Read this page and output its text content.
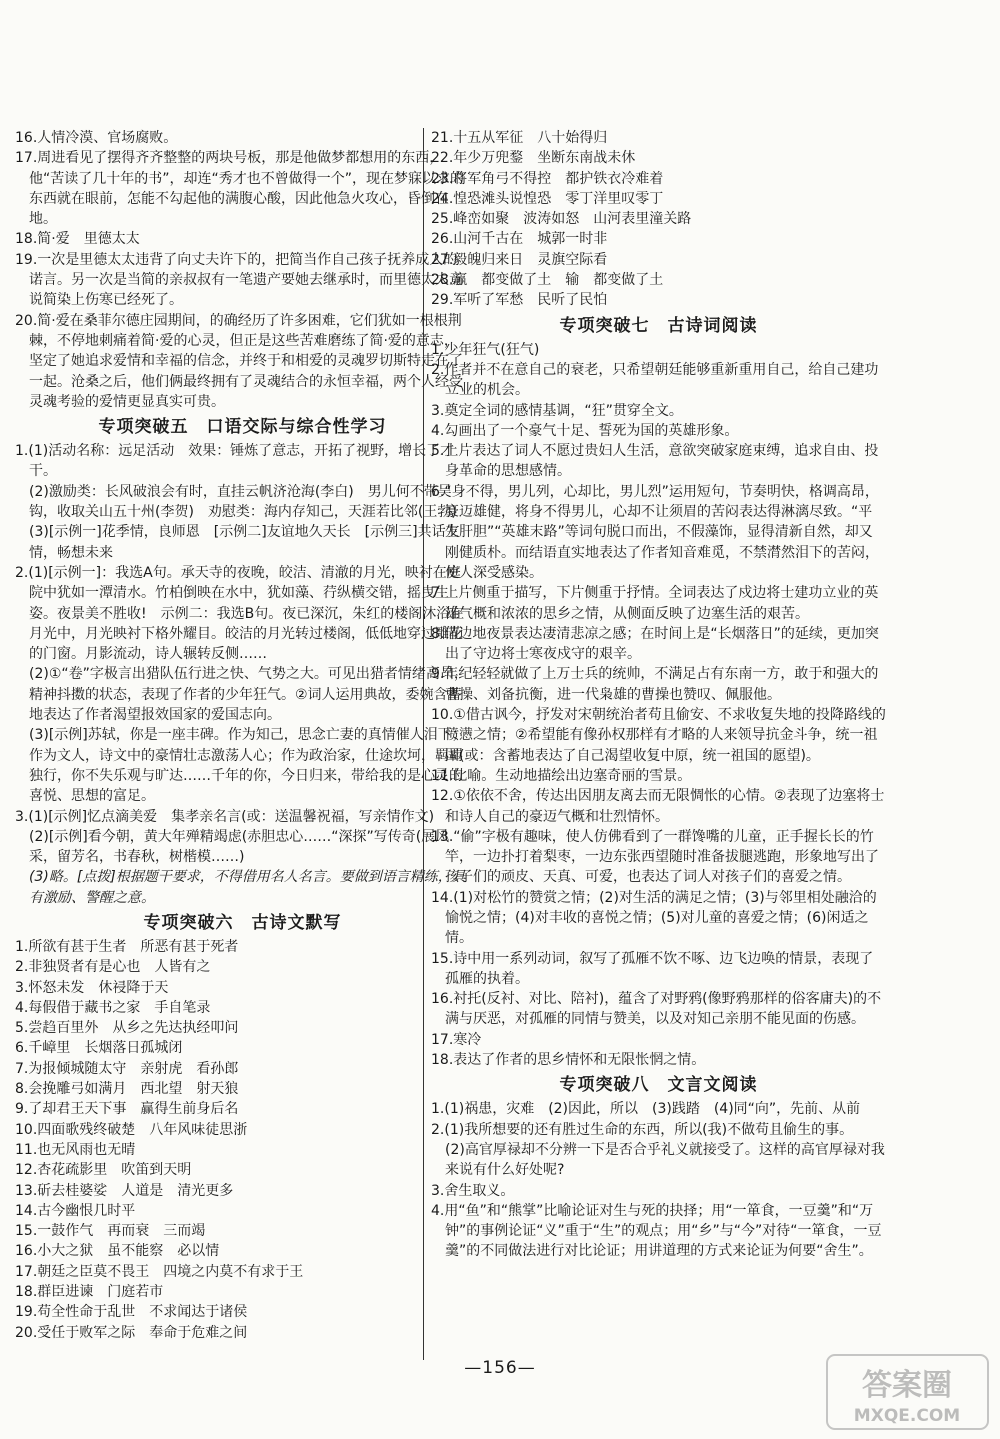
16.人情冷漠、官场腐败。
17.周进看见了摆得齐齐整整的两块号板，那是他做梦都想用的东西，他“苦读了几十年的书”，却连“秀才也不曾做得一个”，现在梦寐以求的东西就在眼前，怎能不勾起他的满腹心酸，因此他急火攻心，昏倒在地。
18.简·爱　里德太太
19.一次是里德太太违背了向丈夫许下的，把简当作自己孩子抚养成人的诺言。另一次是当简的亲叔叔有一笔遗产要她去继承时，而里德太太竟说简染上伤寒已经死了。
20.简·爱在桑菲尔德庄园期间，的确经历了许多困难，它们犹如一根根荆棘，不停地刺痛着简·爱的心灵，但正是这些苦难磨练了简·爱的意志，坚定了她追求爱情和幸福的信念，并终于和相爱的灵魂罗切斯特走在了一起。沧桑之后，他们俩最终拥有了灵魂结合的永恒幸福，两个人经受灵魂考验的爱情更显真实可贵。
专项突破五　口语交际与综合性学习
1.(1)活动名称：远足活动　效果：锤炼了意志，开拓了视野，增长了才干。
(2)激励类：长风破浪会有时，直挂云帆济沧海(李白)　男儿何不带吴钩，收取关山五十州(李贺)　劝慰类：海内存知己，天涯若比邻(王勃)
(3)[示例一]花季情，良师恩　[示例二]友谊地久天长　[示例三]共话友情，畅想未来
2.(1)[示例一]：我选A句。承天寺的夜晚，皎洁、清澈的月光，映衬在庭院中犹如一潭清水。竹柏倒映在水中，犹如藻、荇纵横交错，摇曳生姿。夜景美不胜收!　示例二：我选B句。夜已深沉，朱红的楼阁沐浴在月光中，月光映衬下格外耀目。皎洁的月光转过楼阁，低低地穿过雕花的门窗。月影流动，诗人辗转反侧……
(2)①“卷”字极言出猎队伍行进之快、气势之大。可见出猎者情绪高昂，精神抖擞的状态，表现了作者的少年狂气。②词人运用典故，委婉含蓄地表达了作者渴望报效国家的爱国志向。
(3)[示例]苏轼，你是一座丰碑。作为知己，思念亡妻的真情催人泪下；作为文人，诗文中的豪情壮志激荡人心；作为政治家，仕途坎坷，羁羁独行，你不失乐观与旷达……千年的你，今日归来，带给我的是心灵的喜悦、思想的富足。
3.(1)[示例]忆点滴美爱　集孝亲名言(或：送温馨祝福，写亲情作文)
(2)[示例]看今朝，黄大年殚精竭虑(赤胆忠心……“深探”写传奇(展风采，留芳名，书春秋，树楷模……)
(3)略。[点拨]根据题干要求，不得借用名人名言。要做到语言精练，具有激励、警醒之意。
专项突破六　古诗文默写
1.所欲有甚于生者　所恶有甚于死者
2.非独贤者有是心也　人皆有之
3.怀怒未发　休祲降于天
4.每假借于藏书之家　手自笔录
5.尝趋百里外　从乡之先达执经叩问
6.千嶂里　长烟落日孤城闭
7.为报倾城随太守　亲射虎　看孙郎
8.会挽雕弓如满月　西北望　射天狼
9.了却君王天下事　赢得生前身后名
10.四面歌残终破楚　八年风味徒思浙
11.也无风雨也无晴
12.杏花疏影里　吹笛到天明
13.斫去桂婆娑　人道是　清光更多
14.古今幽恨几时平
15.一鼓作气　再而衰　三而竭
16.小大之狱　虽不能察　必以情
17.朝廷之臣莫不畏王　四境之内莫不有求于王
18.群臣进谏　门庭若市
19.苟全性命于乱世　不求闻达于诸侯
20.受任于败军之际　奉命于危难之间
21.十五从军征　八十始得归
22.年少万兜鍪　坐断东南战未休
23.将军角弓不得控　都护铁衣冷难着
24.惶恐滩头说惶恐　零丁洋里叹零丁
25.峰峦如聚　波涛如怒　山河表里潼关路
26.山河千古在　城郭一时非
27.毅魄归来日　灵旗空际看
28.赢　都变做了土　输　都变做了土
29.军听了军愁　民听了民怕
专项突破七　古诗词阅读
1.少年狂气(狂气)
2.作者并不在意自己的衰老，只希望朝廷能够重新重用自己，给自己建功立业的机会。
3.奠定全词的感情基调，“狂”贯穿全文。
4.勾画出了一个豪气十足、誓死为国的英雄形象。
5.上片表达了词人不愿过贵妇人生活，意欲突破家庭束缚，追求自由、投身革命的思想感情。
6.“身不得，男儿列，心却比，男儿烈”运用短句，节奏明快，格调高昂，豪迈雄健，将身不得男儿，心却不让须眉的苦闷表达得淋漓尽致。“平生肝胆”“英雄末路”等词句脱口而出，不假藻饰，显得清新自然，却又刚健质朴。而结语直实地表达了作者知音难觅，不禁潸然泪下的苦闷，使人深受感染。
7.上片侧重于描写，下片侧重于抒情。全词表达了戍边将士建功立业的英雄气概和浓浓的思乡之情，从侧面反映了边塞生活的艰苦。
8.借边地夜景表达凄清悲凉之感；在时间上是“长烟落日”的延续，更加突出了守边将士寒夜戍守的艰辛。
9.年纪轻轻就做了上万士兵的统帅，不满足占有东南一方，敢于和强大的曹操、刘备抗衡，进一代枭雄的曹操也赞叹、佩服他。
10.①借古讽今，抒发对宋朝统治者苟且偷安、不求收复失地的投降路线的愤懑之情；②希望能有像孙权那样有才略的人来领导抗金斗争，统一祖国(或：含蓄地表达了自己渴望收复中原，统一祖国的愿望)。
11.比喻。生动地描绘出边塞奇丽的雪景。
12.①依依不舍，传达出因朋友离去而无限惆怅的心情。②表现了边塞将士和诗人自己的豪迈气概和壮烈情怀。
13.“偷”字极有趣味，使人仿佛看到了一群馋嘴的儿童，正手握长长的竹竿，一边扑打着梨枣，一边东张西望随时准备拔腿逃跑，形象地写出了孩子们的顽皮、天真、可爱，也表达了词人对孩子们的喜爱之情。
14.(1)对松竹的赞赏之情；(2)对生活的满足之情；(3)与邻里相处融洽的愉悦之情；(4)对丰收的喜悦之情；(5)对儿童的喜爱之情；(6)闲适之情。
15.诗中用一系列动词，叙写了孤雁不饮不啄、边飞边唤的情景，表现了孤雁的执着。
16.衬托(反衬、对比、陪衬)，蕴含了对野鸦(像野鸦那样的俗客庸夫)的不满与厌恶，对孤雁的同情与赞美，以及对知己亲朋不能见面的伤感。
17.寒冷
18.表达了作者的思乡情怀和无限怅惘之情。
专项突破八　文言文阅读
1.(1)祸患，灾难　(2)因此，所以　(3)践踏　(4)同“向”，先前、从前
2.(1)我所想要的还有胜过生命的东西，所以(我)不做苟且偷生的事。
(2)高官厚禄却不分辨一下是否合乎礼义就接受了。这样的高官厚禄对我来说有什么好处呢?
3.舍生取义。
4.用“鱼”和“熊掌”比喻论证对生与死的抉择；用“一箪食，一豆羹”和“万钟”的事例论证“义”重于“生”的观点；用“乡”与“今”对待“一箪食，一豆羹”的不同做法进行对比论证；用讲道理的方式来论证为何要“舍生”。
—156—	答案圈
MXQE.COM
